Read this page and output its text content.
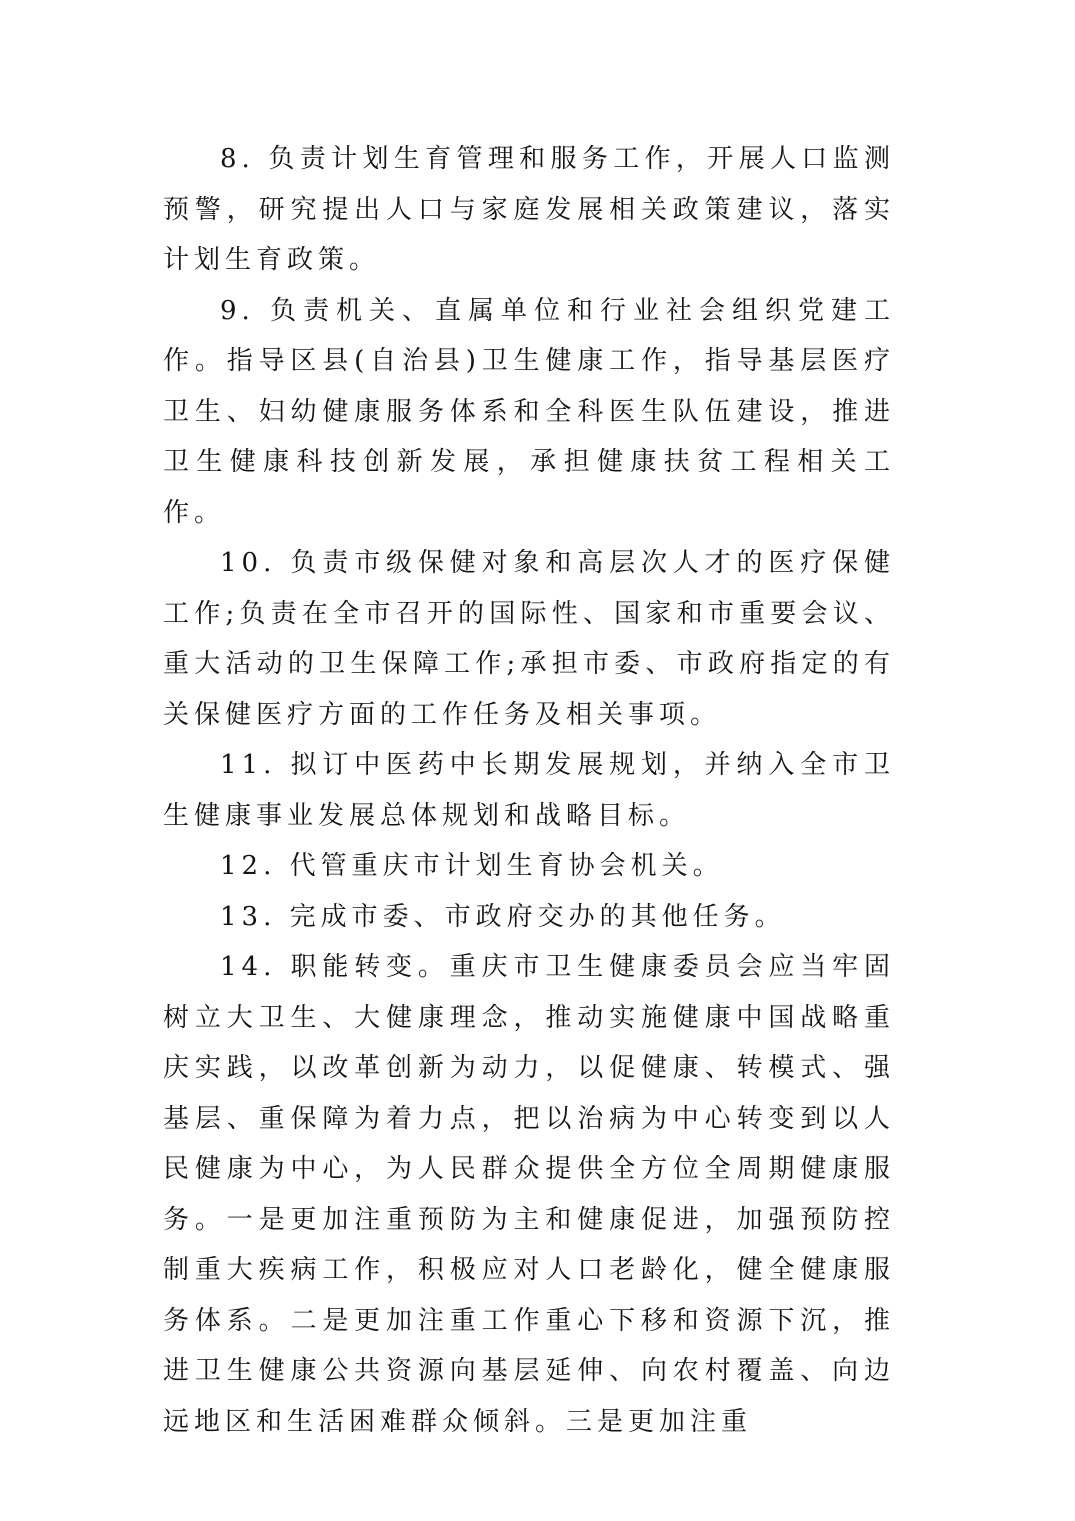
8. 负责计划生育管理和服务工作，开展人口监测预警，研究提出人口与家庭发展相关政策建议，落实计划生育政策。

9. 负责机关、直属单位和行业社会组织党建工作。指导区县(自治县)卫生健康工作，指导基层医疗卫生、妇幼健康服务体系和全科医生队伍建设，推进卫生健康科技创新发展，承担健康扶贫工程相关工作。

10. 负责市级保健对象和高层次人才的医疗保健工作;负责在全市召开的国际性、国家和市重要会议、重大活动的卫生保障工作;承担市委、市政府指定的有关保健医疗方面的工作任务及相关事项。

11. 拟订中医药中长期发展规划，并纳入全市卫生健康事业发展总体规划和战略目标。

12. 代管重庆市计划生育协会机关。

13. 完成市委、市政府交办的其他任务。

14. 职能转变。重庆市卫生健康委员会应当牢固树立大卫生、大健康理念，推动实施健康中国战略重庆实践，以改革创新为动力，以促健康、转模式、强基层、重保障为着力点，把以治病为中心转变到以人民健康为中心，为人民群众提供全方位全周期健康服务。一是更加注重预防为主和健康促进，加强预防控制重大疾病工作，积极应对人口老龄化，健全健康服务体系。二是更加注重工作重心下移和资源下沉，推进卫生健康公共资源向基层延伸、向农村覆盖、向边远地区和生活困难群众倾斜。三是更加注重
